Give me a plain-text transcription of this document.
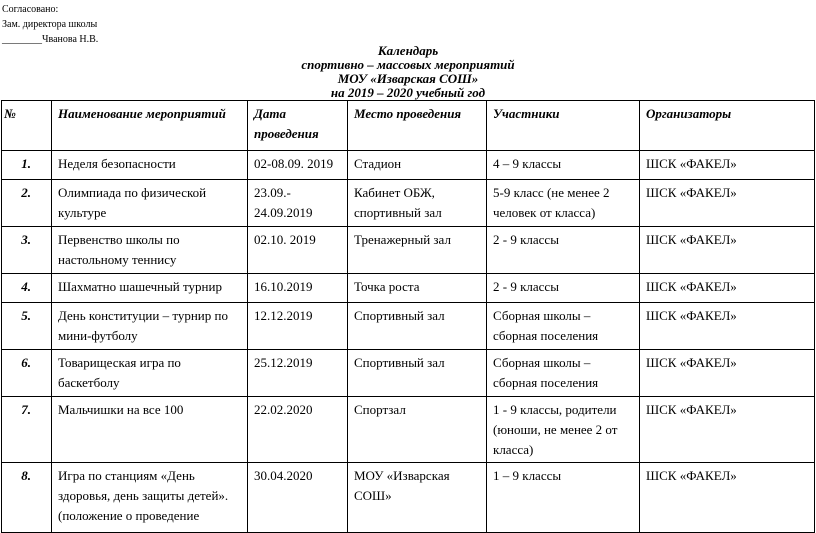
Согласовано:
Зам. директора школы
________Чванова Н.В.
Календарь
спортивно – массовых мероприятий
МОУ «Изварская СОШ»
на 2019 – 2020 учебный год
№	Наименование мероприятий	Дата проведения	Место проведения	Участники	Организаторы
1.	Неделя безопасности	02-08.09. 2019	Стадион	4 – 9 классы	ШСК «ФАКЕЛ»
2.	Олимпиада по физической культуре	23.09.- 24.09.2019	Кабинет ОБЖ, спортивный зал	5-9 класс (не менее 2 человек от класса)	ШСК «ФАКЕЛ»
3.	Первенство школы по настольному теннису	02.10. 2019	Тренажерный зал	2 - 9 классы	ШСК «ФАКЕЛ»
4.	Шахматно шашечный турнир	16.10.2019	Точка роста	2 - 9 классы	ШСК «ФАКЕЛ»
5.	День конституции – турнир по мини-футболу	12.12.2019	Спортивный зал	Сборная школы – сборная поселения	ШСК «ФАКЕЛ»
6.	Товарищеская игра по баскетболу	25.12.2019	Спортивный зал	Сборная школы – сборная поселения	ШСК «ФАКЕЛ»
7.	Мальчишки на все 100	22.02.2020	Спортзал	1 - 9 классы, родители (юноши, не менее 2 от класса)	ШСК «ФАКЕЛ»
8.	Игра по станциям «День здоровья, день защиты детей». (положение о проведение	30.04.2020	МОУ «Изварская СОШ»	1 – 9 классы	ШСК «ФАКЕЛ»
